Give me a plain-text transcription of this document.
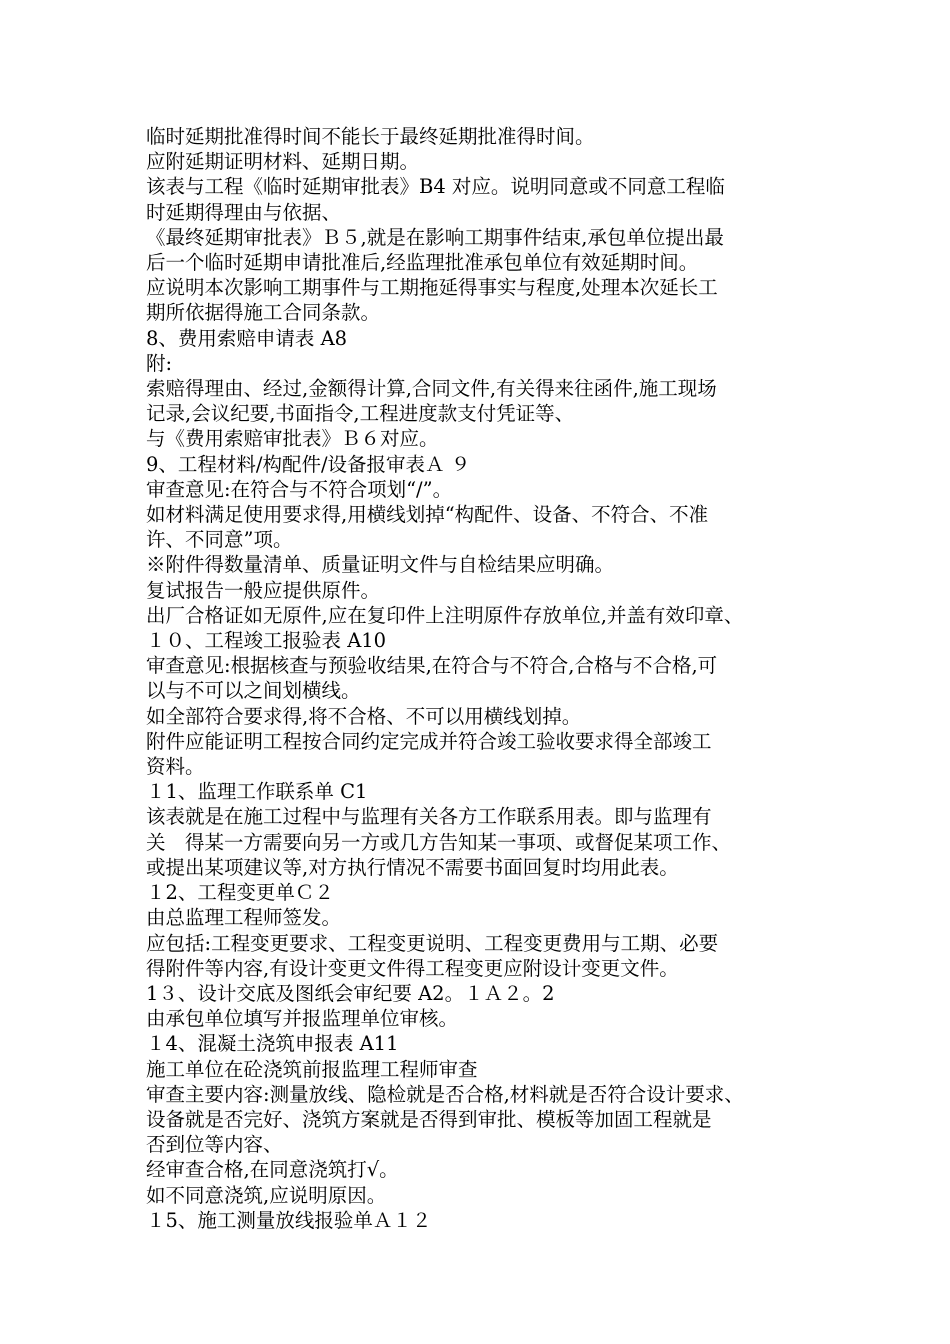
临时延期批准得时间不能长于最终延期批准得时间。

应附延期证明材料、延期日期。

该表与工程《临时延期审批表》B4 对应。说明同意或不同意工程临

时延期得理由与依据、

《最终延期审批表》Ｂ５,就是在影响工期事件结束,承包单位提出最

后一个临时延期申请批准后,经监理批准承包单位有效延期时间。

应说明本次影响工期事件与工期拖延得事实与程度,处理本次延长工

期所依据得施工合同条款。

8、费用索赔申请表 A8

附:

索赔得理由、经过,金额得计算,合同文件,有关得来往函件,施工现场

记录,会议纪要,书面指令,工程进度款支付凭证等、

与《费用索赔审批表》Ｂ６对应。

9、工程材料/构配件/设备报审表Ａ ９

审查意见:在符合与不符合项划“/”。

如材料满足使用要求得,用横线划掉“构配件、设备、不符合、不准

许、不同意”项。

※附件得数量清单、质量证明文件与自检结果应明确。

复试报告一般应提供原件。

出厂合格证如无原件,应在复印件上注明原件存放单位,并盖有效印章、

１０、工程竣工报验表 A10

审查意见:根据核查与预验收结果,在符合与不符合,合格与不合格,可

以与不可以之间划横线。

如全部符合要求得,将不合格、不可以用横线划掉。

附件应能证明工程按合同约定完成并符合竣工验收要求得全部竣工

资料。

１1、监理工作联系单 C1

该表就是在施工过程中与监理有关各方工作联系用表。即与监理有

关　得某一方需要向另一方或几方告知某一事项、或督促某项工作、

或提出某项建议等,对方执行情况不需要书面回复时均用此表。

１2、工程变更单Ｃ２

由总监理工程师签发。

应包括:工程变更要求、工程变更说明、工程变更费用与工期、必要

得附件等内容,有设计变更文件得工程变更应附设计变更文件。

1３、设计交底及图纸会审纪要 A2。１Ａ２。2

由承包单位填写并报监理单位审核。

１4、混凝土浇筑申报表 A11

施工单位在砼浇筑前报监理工程师审查

审查主要内容:测量放线、隐检就是否合格,材料就是否符合设计要求、

设备就是否完好、浇筑方案就是否得到审批、模板等加固工程就是

否到位等内容、

经审查合格,在同意浇筑打√。

如不同意浇筑,应说明原因。

１5、施工测量放线报验单Ａ１２
